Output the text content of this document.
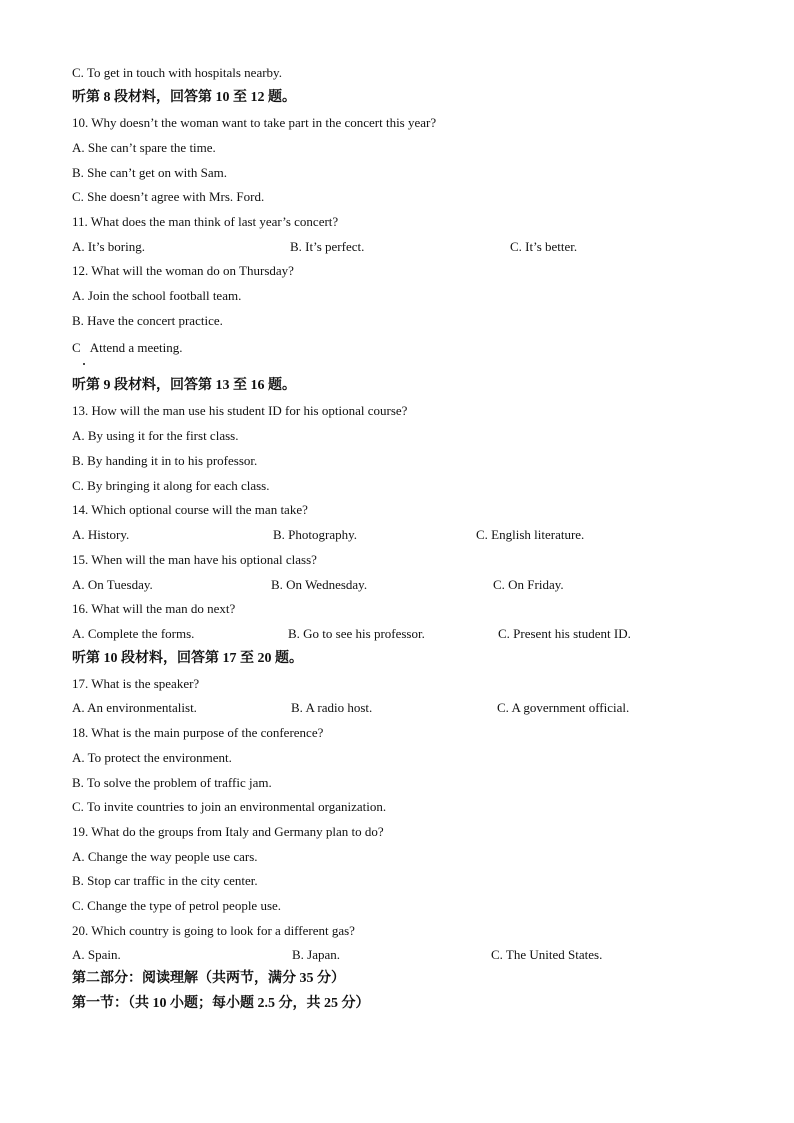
C. To get in touch with hospitals nearby.
听第 8 段材料，回答第 10 至 12 题。
10. Why doesn’t the woman want to take part in the concert this year?
A. She can’t spare the time.
B. She can’t get on with Sam.
C. She doesn’t agree with Mrs. Ford.
11. What does the man think of last year’s concert?
A. It’s boring.	B. It’s perfect.	C. It’s better.
12. What will the woman do on Thursday?
A. Join the school football team.
B. Have the concert practice.
C   Attend a meeting.
听第 9 段材料，回答第 13 至 16 题。
13. How will the man use his student ID for his optional course?
A. By using it for the first class.
B. By handing it in to his professor.
C. By bringing it along for each class.
14. Which optional course will the man take?
A. History.	B. Photography.	C. English literature.
15. When will the man have his optional class?
A. On Tuesday.	B. On Wednesday.	C. On Friday.
16. What will the man do next?
A. Complete the forms.	B. Go to see his professor.	C. Present his student ID.
听第 10 段材料，回答第 17 至 20 题。
17. What is the speaker?
A. An environmentalist.	B. A radio host.	C. A government official.
18. What is the main purpose of the conference?
A. To protect the environment.
B. To solve the problem of traffic jam.
C. To invite countries to join an environmental organization.
19. What do the groups from Italy and Germany plan to do?
A. Change the way people use cars.
B. Stop car traffic in the city center.
C. Change the type of petrol people use.
20. Which country is going to look for a different gas?
A. Spain.	B. Japan.	C. The United States.
第二部分：阅读理解（共两节，满分 35 分）
第一节：（共 10 小题；每小题 2.5 分，共 25 分）
